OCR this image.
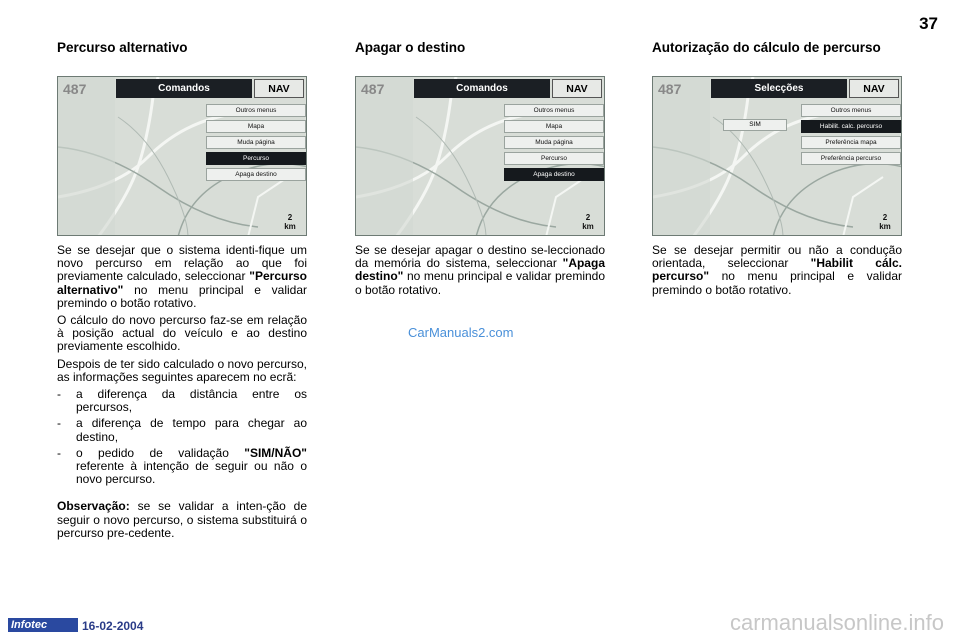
37
Percurso alternativo
487	Comandos	NAV
Outros menus
Mapa
Muda página
Percurso
Apaga destino
2
km

Se se desejar que o sistema identi-fique um novo percurso em relação ao que foi previamente calculado, seleccionar "Percurso alternativo" no menu principal e validar premindo o botão rotativo.

O cálculo do novo percurso faz-se em relação à posição actual do veículo e ao destino previamente escolhido.

Despois de ter sido calculado o novo percurso, as informações seguintes aparecem no ecrã:

- a diferença da distância entre os percursos,
- a diferença de tempo para chegar ao destino,
- o pedido de validação "SIM/NÃO" referente à intenção de seguir ou não o novo percurso.

Observação: se se validar a inten-ção de seguir o novo percurso, o sistema substituirá o percurso pre-cedente.

Apagar o destino
487	Comandos	NAV
Outros menus
Mapa
Muda página
Percurso
Apaga destino
2
km

Se se desejar apagar o destino se-leccionado da memória do sistema, seleccionar "Apaga destino" no menu principal e validar premindo o botão rotativo.

Autorização do cálculo de percurso
487	Selecções	NAV
SIM
Outros menus
Habilit. calc. percurso
Preferência mapa
Preferência percurso
2
km

Se se desejar permitir ou não a condução orientada, seleccionar "Habilit cálc. percurso" no menu principal e validar premindo o botão rotativo.

CarManuals2.com
Infotec	16-02-2004	carmanualsonline.info
